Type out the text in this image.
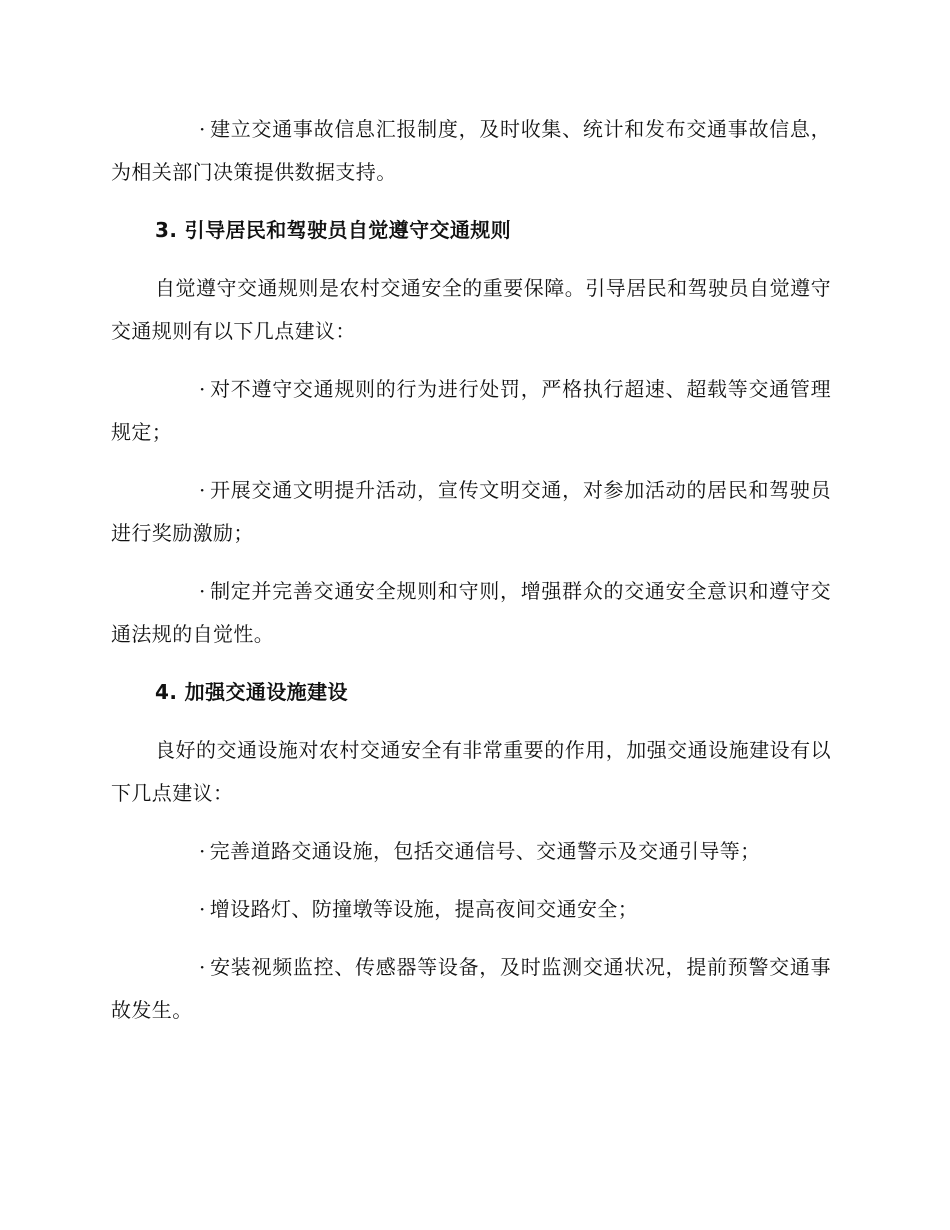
· 建立交通事故信息汇报制度，及时收集、统计和发布交通事故信息，为相关部门决策提供数据支持。

3. 引导居民和驾驶员自觉遵守交通规则

自觉遵守交通规则是农村交通安全的重要保障。引导居民和驾驶员自觉遵守交通规则有以下几点建议：

· 对不遵守交通规则的行为进行处罚，严格执行超速、超载等交通管理规定；

· 开展交通文明提升活动，宣传文明交通，对参加活动的居民和驾驶员进行奖励激励；

· 制定并完善交通安全规则和守则，增强群众的交通安全意识和遵守交通法规的自觉性。

4. 加强交通设施建设

良好的交通设施对农村交通安全有非常重要的作用，加强交通设施建设有以下几点建议：

· 完善道路交通设施，包括交通信号、交通警示及交通引导等；

· 增设路灯、防撞墩等设施，提高夜间交通安全；

· 安装视频监控、传感器等设备，及时监测交通状况，提前预警交通事故发生。
